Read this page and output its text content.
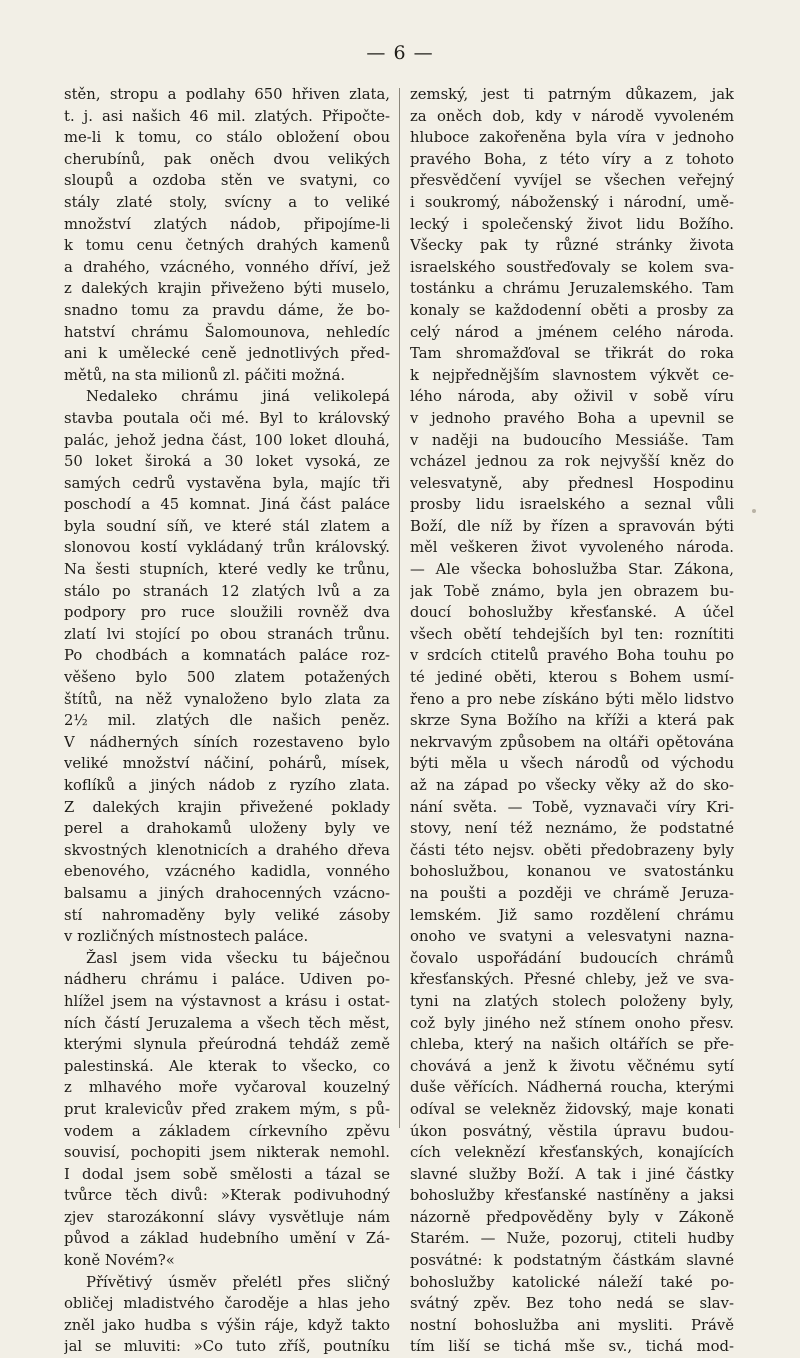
— 6 —
stěn, stropu a podlahy 650 hřiven zlata,
t. j. asi našich 46 mil. zlatých. Připočte-
me-li k tomu, co stálo obložení obou
cherubínů, pak oněch dvou velikých
sloupů a ozdoba stěn ve svatyni, co
stály zlaté stoly, svícny a to veliké
množství zlatých nádob, připojíme-li
k tomu cenu četných drahých kamenů
a drahého, vzácného, vonného dříví, jež
z dalekých krajin přiveženo býti muselo,
snadno tomu za pravdu dáme, že bo-
hatství chrámu Šalomounova, nehledíc
ani k umělecké ceně jednotlivých před-
mětů, na sta milionů zl. páčiti možná.
Nedaleko chrámu jiná velikolepá
stavba poutala oči mé. Byl to královský
palác, jehož jedna část, 100 loket dlouhá,
50 loket široká a 30 loket vysoká, ze
samých cedrů vystavěna byla, majíc tři
poschodí a 45 komnat. Jiná část paláce
byla soudní síň, ve které stál zlatem a
slonovou kostí vykládaný trůn královský.
Na šesti stupních, které vedly ke trůnu,
stálo po stranách 12 zlatých lvů a za
podpory pro ruce sloužili rovněž dva
zlatí lvi stojící po obou stranách trůnu.
Po chodbách a komnatách paláce roz-
věšeno bylo 500 zlatem potažených
štítů, na něž vynaloženo bylo zlata za
2½ mil. zlatých dle našich peněz.
V nádherných síních rozestaveno bylo
veliké množství náčiní, pohárů, mísek,
koflíků a jiných nádob z ryzího zlata.
Z dalekých krajin přivežené poklady
perel a drahokamů uloženy byly ve
skvostných klenotnicích a drahého dřeva
ebenového, vzácného kadidla, vonného
balsamu a jiných drahocenných vzácno-
stí nahromaděny byly veliké zásoby
v rozličných místnostech paláce.
Žasl jsem vida všecku tu báječnou
nádheru chrámu i paláce. Udiven po-
hlížel jsem na výstavnost a krásu i ostat-
ních částí Jeruzalema a všech těch měst,
kterými slynula přeúrodná tehdáž země
palestinská. Ale kterak to všecko, co
z mlhavého moře vyčaroval kouzelný
prut kralevicův před zrakem mým, s pů-
vodem a základem církevního zpěvu
souvisí, pochopiti jsem nikterak nemohl.
I dodal jsem sobě smělosti a tázal se
tvůrce těch divů: »Kterak podivuhodný
zjev starozákonní slávy vysvětluje nám
původ a základ hudebního umění v Zá-
koně Novém?«
Přívětivý úsměv přelétl přes sličný
obličej mladistvého čaroděje a hlas jeho
zněl jako hudba s výšin ráje, když takto
jal se mluviti: »Co tuto zříš, poutníku
zemský, jest ti patrným důkazem, jak
za oněch dob, kdy v národě vyvoleném
hluboce zakořeněna byla víra v jednoho
pravého Boha, z této víry a z tohoto
přesvědčení vyvíjel se všechen veřejný
i soukromý, náboženský i národní, umě-
lecký i společenský život lidu Božího.
Všecky pak ty různé stránky života
israelského soustřeďovaly se kolem sva-
tostánku a chrámu Jeruzalemského. Tam
konaly se každodenní oběti a prosby za
celý národ a jménem celého národa.
Tam shromažďoval se třikrát do roka
k nejpřednějším slavnostem výkvět ce-
lého národa, aby oživil v sobě víru
v jednoho pravého Boha a upevnil se
v naději na budoucího Messiáše. Tam
vcházel jednou za rok nejvyšší kněz do
velesvatyně, aby přednesl Hospodinu
prosby lidu israelského a seznal vůli
Boží, dle níž by řízen a spravován býti
měl veškeren život vyvoleného národa.
— Ale všecka bohoslužba Star. Zákona,
jak Tobě známo, byla jen obrazem bu-
doucí bohoslužby křesťanské. A účel
všech obětí tehdejších byl ten: roznítiti
v srdcích ctitelů pravého Boha touhu po
té jediné oběti, kterou s Bohem usmí-
řeno a pro nebe získáno býti mělo lidstvo
skrze Syna Božího na kříži a která pak
nekrvavým způsobem na oltáři opětována
býti měla u všech národů od východu
až na západ po všecky věky až do sko-
nání světa. — Tobě, vyznavači víry Kri-
stovy, není též neznámo, že podstatné
části této nejsv. oběti předobrazeny byly
bohoslužbou, konanou ve svatostánku
na poušti a později ve chrámě Jeruza-
lemském. Již samo rozdělení chrámu
onoho ve svatyni a velesvatyni nazna-
čovalo uspořádání budoucích chrámů
křesťanských. Přesné chleby, jež ve sva-
tyni na zlatých stolech položeny byly,
což byly jiného než stínem onoho přesv.
chleba, který na našich oltářích se pře-
chovává a jenž k životu věčnému sytí
duše věřících. Nádherná roucha, kterými
odíval se velekněz židovský, maje konati
úkon posvátný, věstila úpravu budou-
cích veleknězí křesťanských, konajících
slavné služby Boží. A tak i jiné částky
bohoslužby křesťanské nastíněny a jaksi
názorně předpověděny byly v Zákoně
Starém. — Nuže, pozoruj, ctiteli hudby
posvátné: k podstatným částkám slavné
bohoslužby katolické náleží také po-
svátný zpěv. Bez toho nedá se slav-
nostní bohoslužba ani mysliti. Právě
tím liší se tichá mše sv., tichá mod-
